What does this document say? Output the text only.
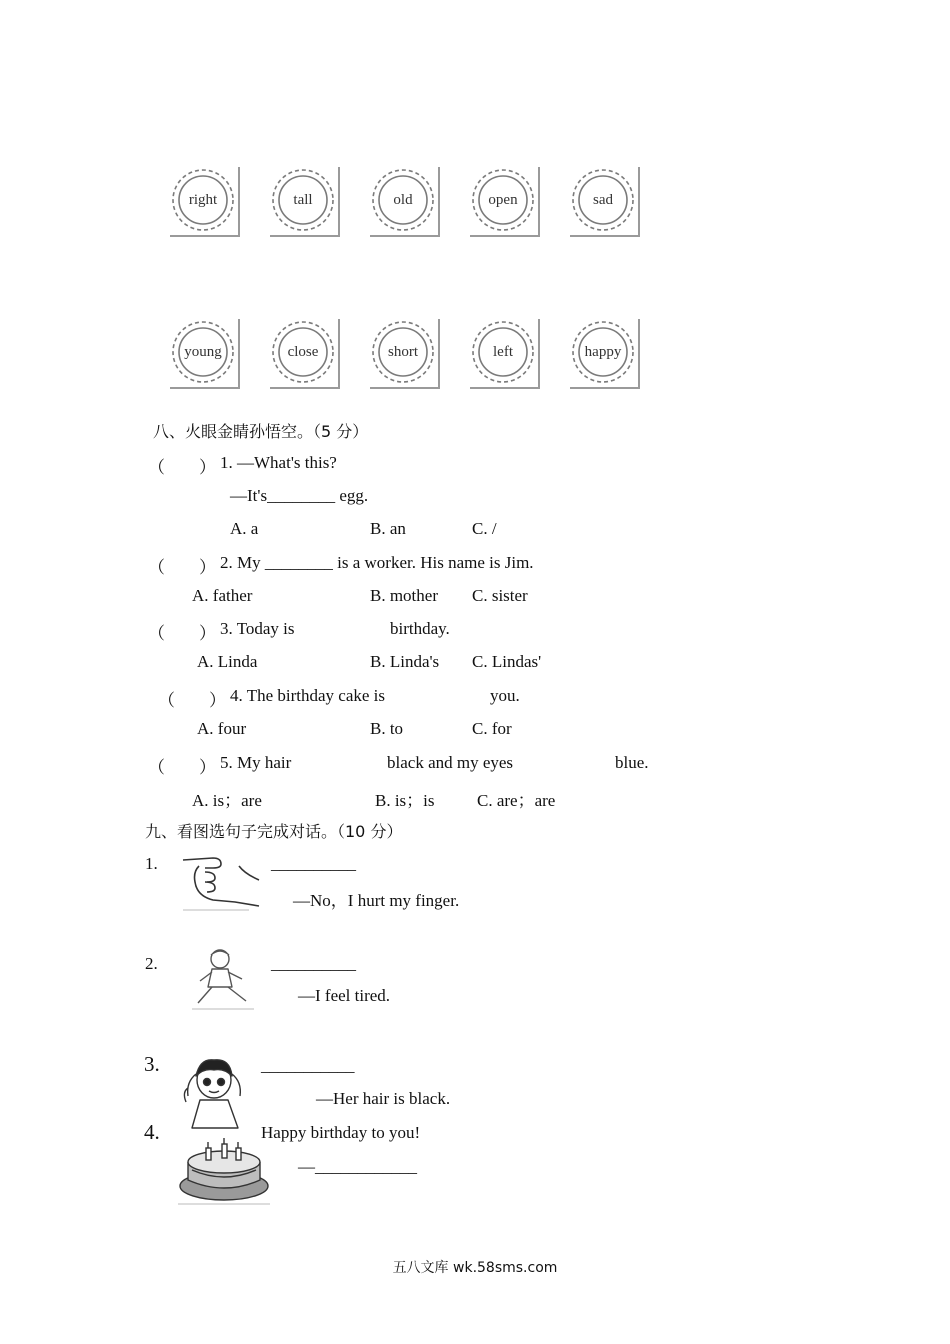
right	tall	old	open	sad
young	close	short	left	happy
八、火眼金睛孙悟空。（5 分）
（        ） 1. —What's this?
—It's________ egg.
A. a	B. an	C. /
（        ） 2. My ________ is a worker. His name is Jim.
A. father	B. mother C. sister
（        ） 3. Today is	birthday.
A. Linda	B. Linda's C. Lindas'
（        ） 4. The birthday cake is	you.
A. four	B. to	C. for
（        ） 5. My hair	black and my eyes	blue.
A. is；are	B. is；is C. are；are
九、看图选句子完成对话。（10 分）
1.	__________
—No，I hurt my finger.
2.	__________
—I feel tired.
3.	___________
—Her hair is black.
4.	Happy birthday to you!
—____________
五八文库 wk.58sms.com
